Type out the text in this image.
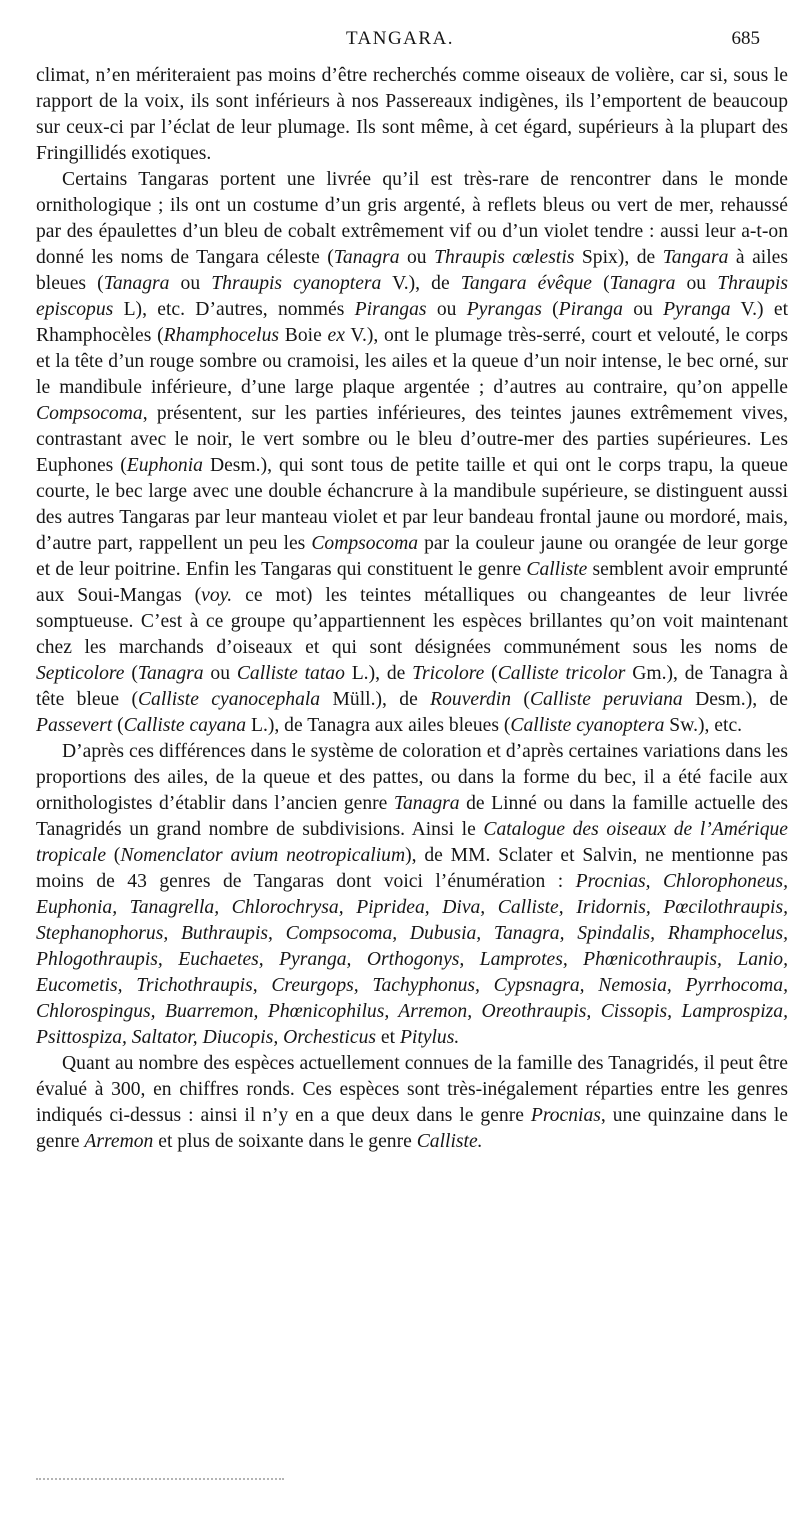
TANGARA.	685

climat, n’en mériteraient pas moins d’être recherchés comme oiseaux de volière, car si, sous le rapport de la voix, ils sont inférieurs à nos Passereaux indigènes, ils l’emportent de beaucoup sur ceux-ci par l’éclat de leur plumage. Ils sont même, à cet égard, supérieurs à la plupart des Fringillidés exotiques.

Certains Tangaras portent une livrée qu’il est très-rare de rencontrer dans le monde ornithologique ; ils ont un costume d’un gris argenté, à reflets bleus ou vert de mer, rehaussé par des épaulettes d’un bleu de cobalt extrêmement vif ou d’un violet tendre : aussi leur a-t-on donné les noms de Tangara céleste (Tanagra ou Thraupis cœlestis Spix), de Tangara à ailes bleues (Tanagra ou Thraupis cyanoptera V.), de Tangara évêque (Tanagra ou Thraupis episcopus L), etc. D’autres, nommés Pirangas ou Pyrangas (Piranga ou Pyranga V.) et Rhamphocèles (Rhamphocelus Boie ex V.), ont le plumage très-serré, court et velouté, le corps et la tête d’un rouge sombre ou cramoisi, les ailes et la queue d’un noir intense, le bec orné, sur le mandibule inférieure, d’une large plaque argentée ; d’autres au contraire, qu’on appelle Compsocoma, présentent, sur les parties inférieures, des teintes jaunes extrêmement vives, contrastant avec le noir, le vert sombre ou le bleu d’outre-mer des parties supérieures. Les Euphones (Euphonia Desm.), qui sont tous de petite taille et qui ont le corps trapu, la queue courte, le bec large avec une double échancrure à la mandibule supérieure, se distinguent aussi des autres Tangaras par leur manteau violet et par leur bandeau frontal jaune ou mordoré, mais, d’autre part, rappellent un peu les Compsocoma par la couleur jaune ou orangée de leur gorge et de leur poitrine. Enfin les Tangaras qui constituent le genre Calliste semblent avoir emprunté aux Soui-Mangas (voy. ce mot) les teintes métalliques ou changeantes de leur livrée somptueuse. C’est à ce groupe qu’appartiennent les espèces brillantes qu’on voit maintenant chez les marchands d’oiseaux et qui sont désignées communément sous les noms de Septicolore (Tanagra ou Calliste tatao L.), de Tricolore (Calliste tricolor Gm.), de Tanagra à tête bleue (Calliste cyanocephala Müll.), de Rouverdin (Calliste peruviana Desm.), de Passevert (Calliste cayana L.), de Tanagra aux ailes bleues (Calliste cyanoptera Sw.), etc.

D’après ces différences dans le système de coloration et d’après certaines variations dans les proportions des ailes, de la queue et des pattes, ou dans la forme du bec, il a été facile aux ornithologistes d’établir dans l’ancien genre Tanagra de Linné ou dans la famille actuelle des Tanagridés un grand nombre de subdivisions. Ainsi le Catalogue des oiseaux de l’Amérique tropicale (Nomenclator avium neotropicalium), de MM. Sclater et Salvin, ne mentionne pas moins de 43 genres de Tangaras dont voici l’énumération : Procnias, Chlorophoneus, Euphonia, Tanagrella, Chlorochrysa, Pipridea, Diva, Calliste, Iridornis, Pœcilothraupis, Stephanophorus, Buthraupis, Compsocoma, Dubusia, Tanagra, Spindalis, Rhamphocelus, Phlogothraupis, Euchaetes, Pyranga, Orthogonys, Lamprotes, Phœnicothraupis, Lanio, Eucometis, Trichothraupis, Creurgops, Tachyphonus, Cypsnagra, Nemosia, Pyrrhocoma, Chlorospingus, Buarremon, Phœnicophilus, Arremon, Oreothraupis, Cissopis, Lamprospiza, Psittospiza, Saltator, Diucopis, Orchesticus et Pitylus.

Quant au nombre des espèces actuellement connues de la famille des Tanagridés, il peut être évalué à 300, en chiffres ronds. Ces espèces sont très-inégalement réparties entre les genres indiqués ci-dessus : ainsi il n’y en a que deux dans le genre Procnias, une quinzaine dans le genre Arremon et plus de soixante dans le genre Calliste.
